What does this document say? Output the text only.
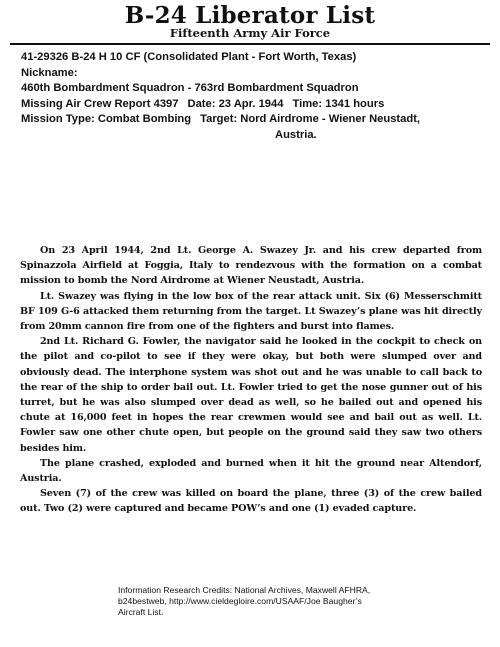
B-24 Liberator List
Fifteenth Army Air Force
41-29326 B-24 H 10 CF (Consolidated Plant - Fort Worth, Texas)
Nickname:
460th Bombardment Squadron - 763rd Bombardment Squadron
Missing Air Crew Report 4397 Date: 23 Apr. 1944 Time: 1341 hours
Mission Type: Combat Bombing Target: Nord Airdrome - Wiener Neustadt,
Austria.

On 23 April 1944, 2nd Lt. George A. Swazey Jr. and his crew departed from Spinazzola Airfield at Foggia, Italy to rendezvous with the formation on a combat mission to bomb the Nord Airdrome at Wiener Neustadt, Austria.

Lt. Swazey was flying in the low box of the rear attack unit. Six (6) Messerschmitt BF 109 G-6 attacked them returning from the target. Lt Swazey’s plane was hit directly from 20mm cannon fire from one of the fighters and burst into flames.

2nd Lt. Richard G. Fowler, the navigator said he looked in the cockpit to check on the pilot and co-pilot to see if they were okay, but both were slumped over and obviously dead. The interphone system was shot out and he was unable to call back to the rear of the ship to order bail out. Lt. Fowler tried to get the nose gunner out of his turret, but he was also slumped over dead as well, so he bailed out and opened his chute at 16,000 feet in hopes the rear crewmen would see and bail out as well. Lt. Fowler saw one other chute open, but people on the ground said they saw two others besides him.

The plane crashed, exploded and burned when it hit the ground near Altendorf, Austria.

Seven (7) of the crew was killed on board the plane, three (3) of the crew bailed out. Two (2) were captured and became POW’s and one (1) evaded capture.

Information Research Credits: National Archives, Maxwell AFHRA,
b24bestweb, http://www.cieldegloire.com/USAAF/Joe Baugher’s
Aircraft List.
